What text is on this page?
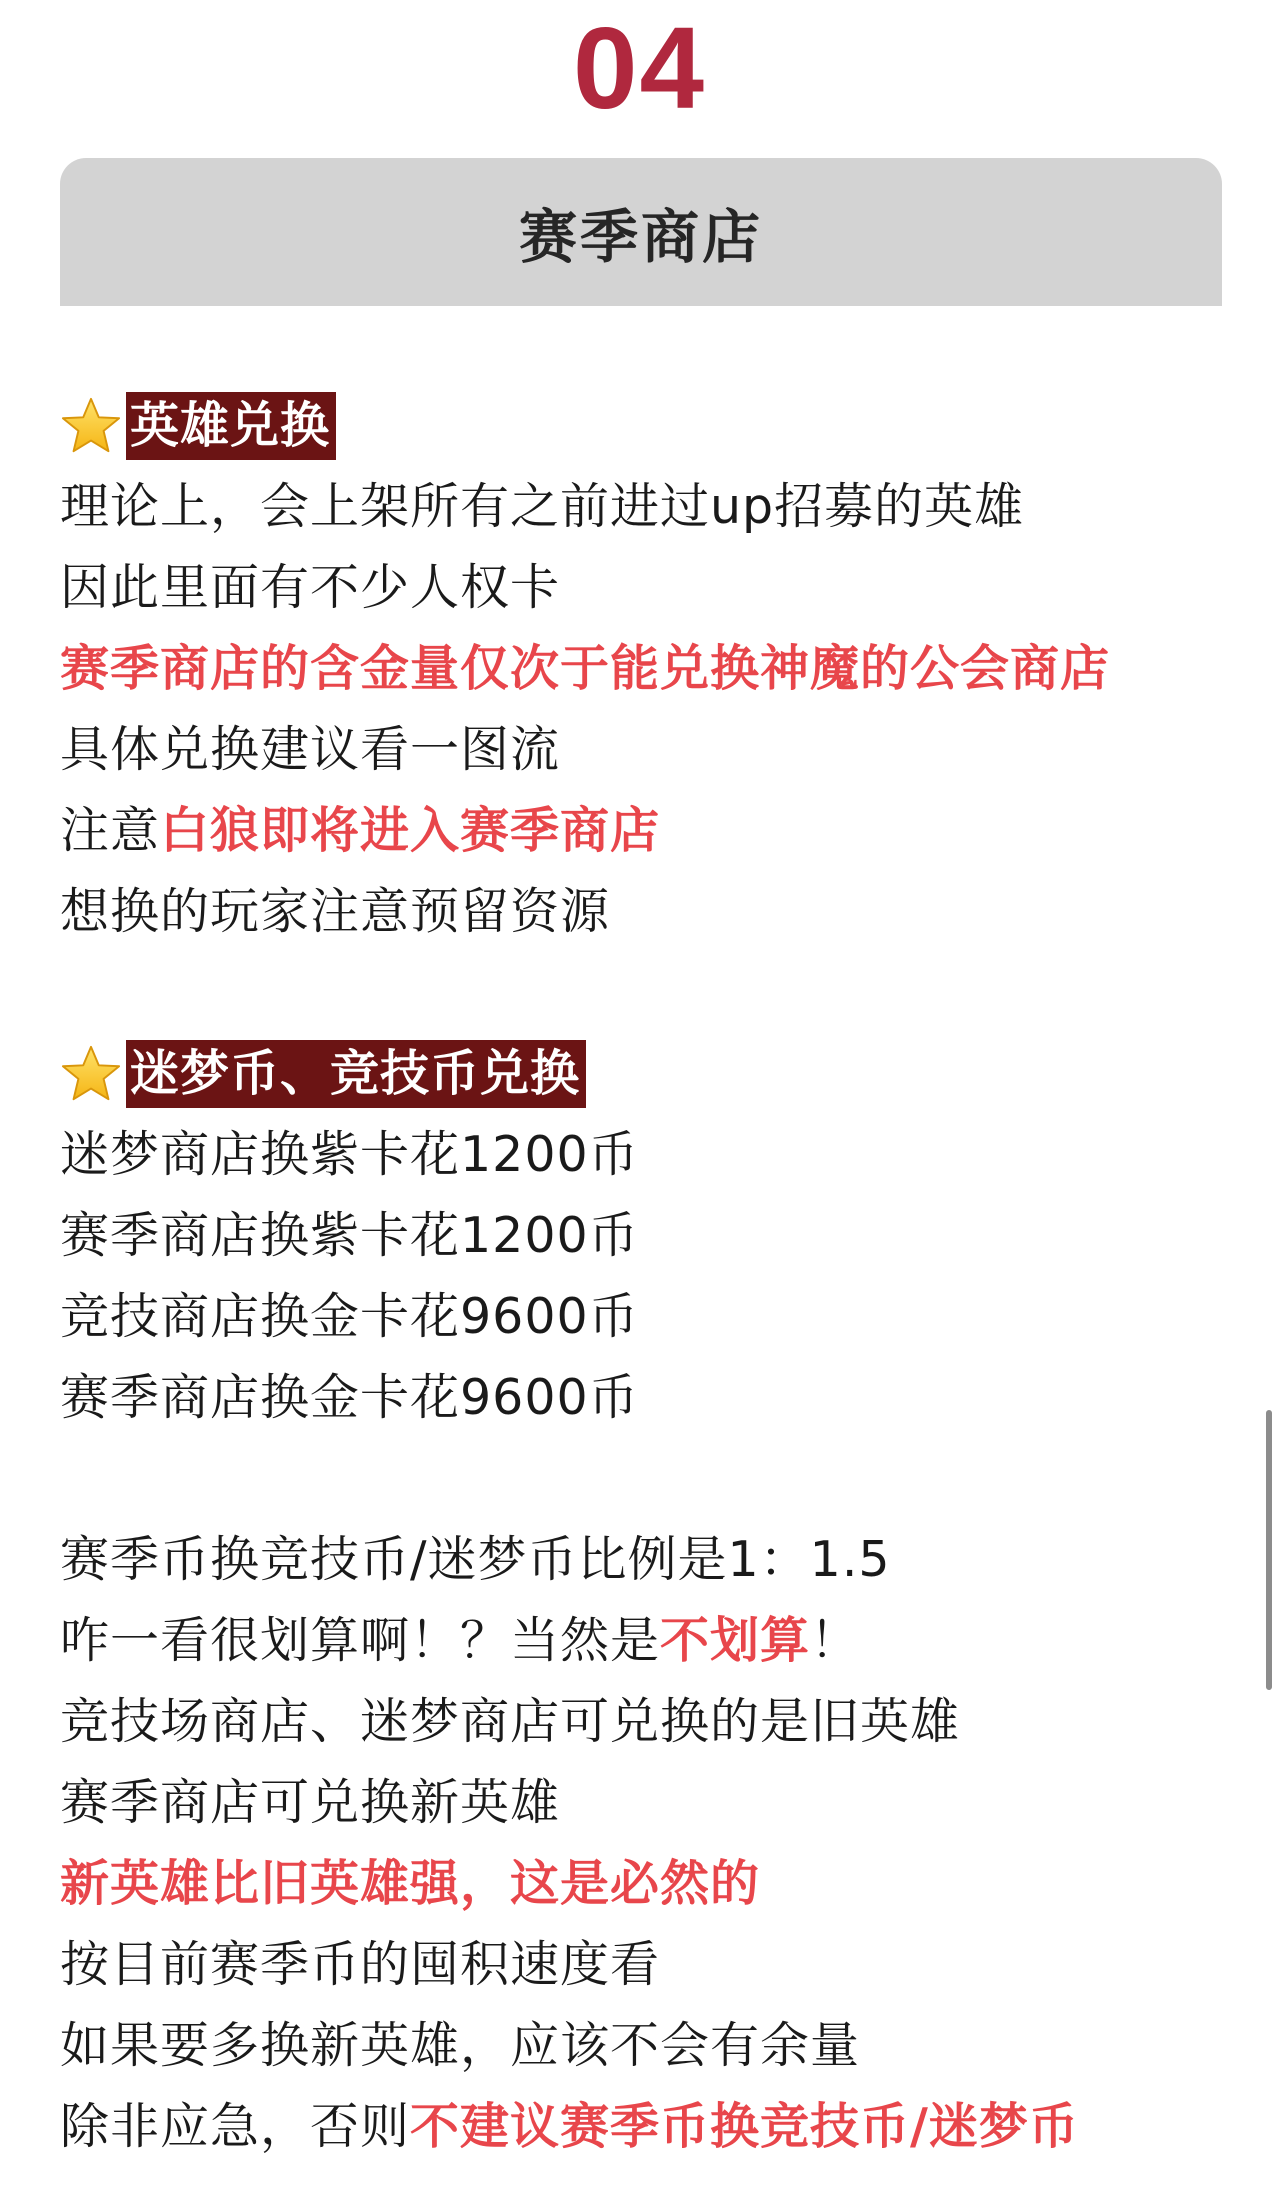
04
赛季商店
英雄兑换
理论上，会上架所有之前进过up招募的英雄
因此里面有不少人权卡
赛季商店的含金量仅次于能兑换神魔的公会商店
具体兑换建议看一图流
注意白狼即将进入赛季商店
想换的玩家注意预留资源
迷梦币、竞技币兑换
迷梦商店换紫卡花1200币
赛季商店换紫卡花1200币
竞技商店换金卡花9600币
赛季商店换金卡花9600币
赛季币换竞技币/迷梦币比例是1：1.5
咋一看很划算啊！？当然是不划算！
竞技场商店、迷梦商店可兑换的是旧英雄
赛季商店可兑换新英雄
新英雄比旧英雄强，这是必然的
按目前赛季币的囤积速度看
如果要多换新英雄，应该不会有余量
除非应急，否则不建议赛季币换竞技币/迷梦币
